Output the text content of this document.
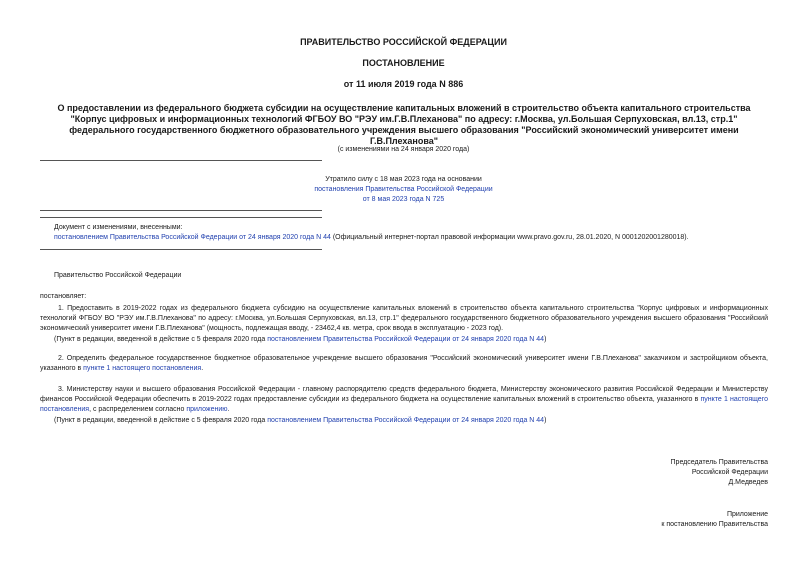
ПРАВИТЕЛЬСТВО РОССИЙСКОЙ ФЕДЕРАЦИИ
ПОСТАНОВЛЕНИЕ
от 11 июля 2019 года N 886
О предоставлении из федерального бюджета субсидии на осуществление капитальных вложений в строительство объекта капитального строительства "Корпус цифровых и информационных технологий ФГБОУ ВО "РЭУ им.Г.В.Плеханова" по адресу: г.Москва, ул.Большая Серпуховская, вл.13, стр.1" федерального государственного бюджетного образовательного учреждения высшего образования "Российский экономический университет имени Г.В.Плеханова"
(с изменениями на 24 января 2020 года)
Утратило силу с 18 мая 2023 года на основании
постановления Правительства Российской Федерации
от 8 мая 2023 года N 725
Документ с изменениями, внесенными:
постановлением Правительства Российской Федерации от 24 января 2020 года N 44 (Официальный интернет-портал правовой информации www.pravo.gov.ru, 28.01.2020, N 0001202001280018).
Правительство Российской Федерации
постановляет:
1. Предоставить в 2019-2022 годах из федерального бюджета субсидию на осуществление капитальных вложений в строительство объекта капитального строительства "Корпус цифровых и информационных технологий ФГБОУ ВО "РЭУ им.Г.В.Плеханова" по адресу: г.Москва, ул.Большая Серпуховская, вл.13, стр.1" федерального государственного бюджетного образовательного учреждения высшего образования "Российский экономический университет имени Г.В.Плеханова" (мощность, подлежащая вводу, - 23462,4 кв. метра, срок ввода в эксплуатацию - 2023 год).
(Пункт в редакции, введенной в действие с 5 февраля 2020 года постановлением Правительства Российской Федерации от 24 января 2020 года N 44)
2. Определить федеральное государственное бюджетное образовательное учреждение высшего образования "Российский экономический университет имени Г.В.Плеханова" заказчиком и застройщиком объекта, указанного в пункте 1 настоящего постановления.
3. Министерству науки и высшего образования Российской Федерации - главному распорядителю средств федерального бюджета, Министерству экономического развития Российской Федерации и Министерству финансов Российской Федерации обеспечить в 2019-2022 годах предоставление субсидии из федерального бюджета на осуществление капитальных вложений в строительство объекта, указанного в пункте 1 настоящего постановления, с распределением согласно приложению.
(Пункт в редакции, введенной в действие с 5 февраля 2020 года постановлением Правительства Российской Федерации от 24 января 2020 года N 44)
Председатель Правительства
Российской Федерации
Д.Медведев
Приложение
к постановлению Правительства
